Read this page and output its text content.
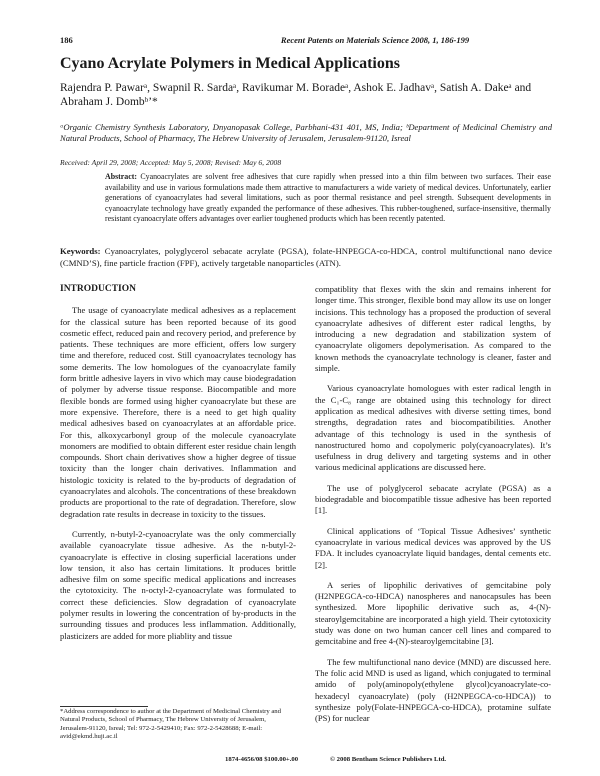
186	Recent Patents on Materials Science 2008, 1, 186-199
Cyano Acrylate Polymers in Medical Applications
Rajendra P. Pawarᵃ, Swapnil R. Sardaᵃ, Ravikumar M. Boradeᵃ, Ashok E. Jadhavᵃ, Satish A. Dakeᵃ and Abraham J. Dombᵇ’*
ᵃOrganic Chemistry Synthesis Laboratory, Dnyanopasak College, Parbhani-431 401, MS, India; ᵇDepartment of Medicinal Chemistry and Natural Products, School of Pharmacy, The Hebrew University of Jerusalem, Jerusalem-91120, Isreal
Received: April 29, 2008; Accepted: May 5, 2008; Revised: May 6, 2008
Abstract: Cyanoacrylates are solvent free adhesives that cure rapidly when pressed into a thin film between two surfaces. Their ease availability and use in various formulations made them attractive to manufacturers a wide variety of medical devices. Unfortunately, earlier generations of cyanoacrylates had several limitations, such as poor thermal resistance and peel strength. Subsequent developments in cyanoacrylate technology have greatly expanded the performance of these adhesives. This rubber-toughened, surface-insensitive, thermally resistant cyanoacrylate offers advantages over earlier toughened products which has been recently patented.
Keywords: Cyanoacrylates, polyglycerol sebacate acrylate (PGSA), folate-HNPEGCA-co-HDCA, control multifunctional nano device (CMND’S), fine particle fraction (FPF), actively targetable nanoparticles (ATN).
INTRODUCTION

The usage of cyanoacrylate medical adhesives as a replacement for the classical suture has been reported because of its good cosmetic effect, reduced pain and recovery period, and preference by patients. These techniques are more efficient, offers low surgery time and therefore, reduced cost. Still cyanoacrylates tecnology has some demerits. The low homologues of the cyanoacrylate family form brittle adhesive layers in vivo which may cause biodegradation of polymer by adverse tissue response. Biocompatible and more flexible bonds are formed using higher cyanoacrylate but these are more expensive. Therefore, there is a need to get high quality medical adhesives based on cyanoacrylates at an affordable price. For this, alkoxycarbonyl group of the molecule cyanoacrylate monomers are modified to obtain different ester residue chain length compounds. Short chain derivatives show a higher degree of tissue toxicity than the longer chain derivatives. Inflammation and histologic toxicity is related to the by-products of degradation of cyanoacrylates and alcohols. The concentrations of these breakdown products are proportional to the rate of degradation. Therefore, slow degradation rate results in decrease in toxicity to the tissues.

Currently, n-butyl-2-cyanoacrylate was the only commercially available cyanoacrylate tissue adhesive. As the n-butyl-2-cyanoacrylate is effective in closing superficial lacerations under low tension, it also has certain limitations. It produces brittle adhesive film on some specific medical applications and increases the cytotoxicity. The n-octyl-2-cyanoacrylate was formulated to correct these deficiencies. Slow degradation of cyanoacrylate polymer results in lowering the concentration of by-products in the surrounding tissues and produces less inflammation. Additionally, plasticizers are added for more pliablity and tissue

compatiblity that flexes with the skin and remains inherent for longer time. This stronger, flexible bond may allow its use on longer incisions. This technology has a proposed the production of several cyanoacrylate adhesives of different ester radical lengths, by introducing a new degradation and stabilization system of cyanoacrylate oligomers depolymerisation. As compared to the known methods the cyanoacrylate technology is cleaner, faster and simple.

Various cyanoacrylate homologues with ester radical length in the C₁-C₈ range are obtained using this technology for direct application as medical adhesives with diverse setting times, bond strengths, degradation rates and biocompatibilities. Another advantage of this technology is used in the synthesis of nanostructured homo and copolymeric poly(cyanoacrylates). It’s usefulness in drug delivery and targeting systems and in other various medicinal applications are discussed here.

The use of polyglycerol sebacate acrylate (PGSA) as a biodegradable and biocompatible tissue adhesive has been reported [1].

Clinical applications of ‘Topical Tissue Adhesives’ synthetic cyanoacrylate in various medical devices was approved by the US FDA. It includes cyanoacrylate liquid bandages, dental cements etc. [2].

A series of lipophilic derivatives of gemcitabine poly (H2NPEGCA-co-HDCA) nanospheres and nanocapsules has been synthesized. More lipophilic derivative such as, 4-(N)-stearoylgemcitabine are incorporated a high yield. Their cytotoxicity study was done on two human cancer cell lines and compared to gemcitabine and free 4-(N)-stearoylgemcitabine [3].

The few multifunctional nano device (MND) are discussed here. The folic acid MND is used as ligand, which conjugated to terminal amido of poly(aminopoly(ethylene glycol)cyanoacrylate-co-hexadecyl cyanoacrylate) (poly (H2NPEGCA-co-HDCA)) to synthesize poly(Folate-HNPEGCA-co-HDCA), protamine sulfate (PS) for nuclear

*Address correspondence to author at the Department of Medicinal Chemistry and Natural Products, School of Pharmacy, The Hebrew University of Jerusalem, Jerusalem-91120, Isreal; Tel: 972-2-5429410; Fax: 972-2-5428688; E-mail: avid@ekmd.huji.ac.il
1874-4656/08 $100.00+.00	© 2008 Bentham Science Publishers Ltd.
